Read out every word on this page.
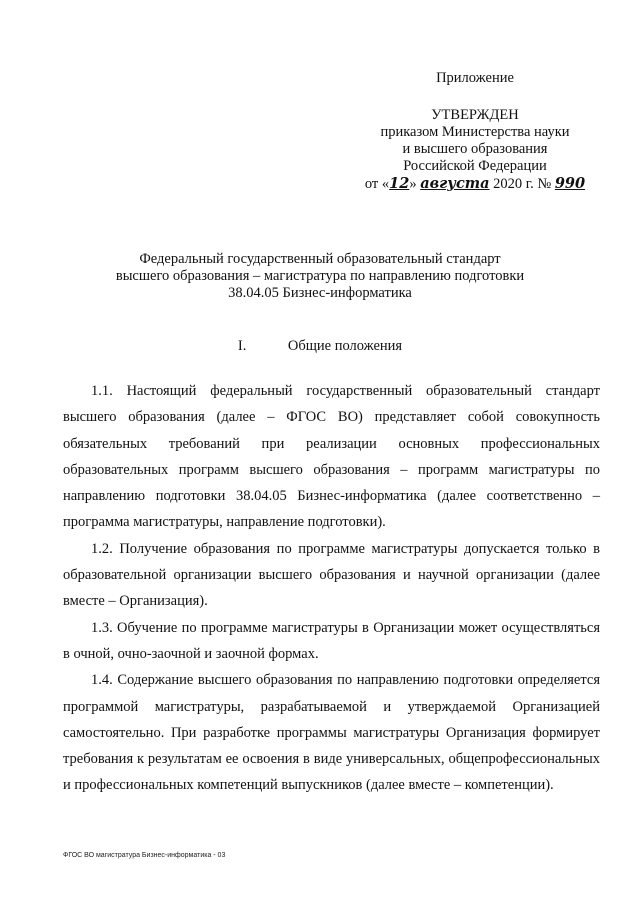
Приложение
УТВЕРЖДЕН
приказом Министерства науки
и высшего образования
Российской Федерации
от «12» августа 2020 г. № 990
Федеральный государственный образовательный стандарт
высшего образования – магистратура по направлению подготовки
38.04.05 Бизнес-информатика
I.	Общие положения

1.1. Настоящий федеральный государственный образовательный стандарт высшего образования (далее – ФГОС ВО) представляет собой совокупность обязательных требований при реализации основных профессиональных образовательных программ высшего образования – программ магистратуры по направлению подготовки 38.04.05 Бизнес-информатика (далее соответственно – программа магистратуры, направление подготовки).

1.2. Получение образования по программе магистратуры допускается только в образовательной организации высшего образования и научной организации (далее вместе – Организация).

1.3. Обучение по программе магистратуры в Организации может осуществляться в очной, очно-заочной и заочной формах.

1.4. Содержание высшего образования по направлению подготовки определяется программой магистратуры, разрабатываемой и утверждаемой Организацией самостоятельно. При разработке программы магистратуры Организация формирует требования к результатам ее освоения в виде универсальных, общепрофессиональных и профессиональных компетенций выпускников (далее вместе – компетенции).

ФГОС ВО магистратура Бизнес-информатика - 03
